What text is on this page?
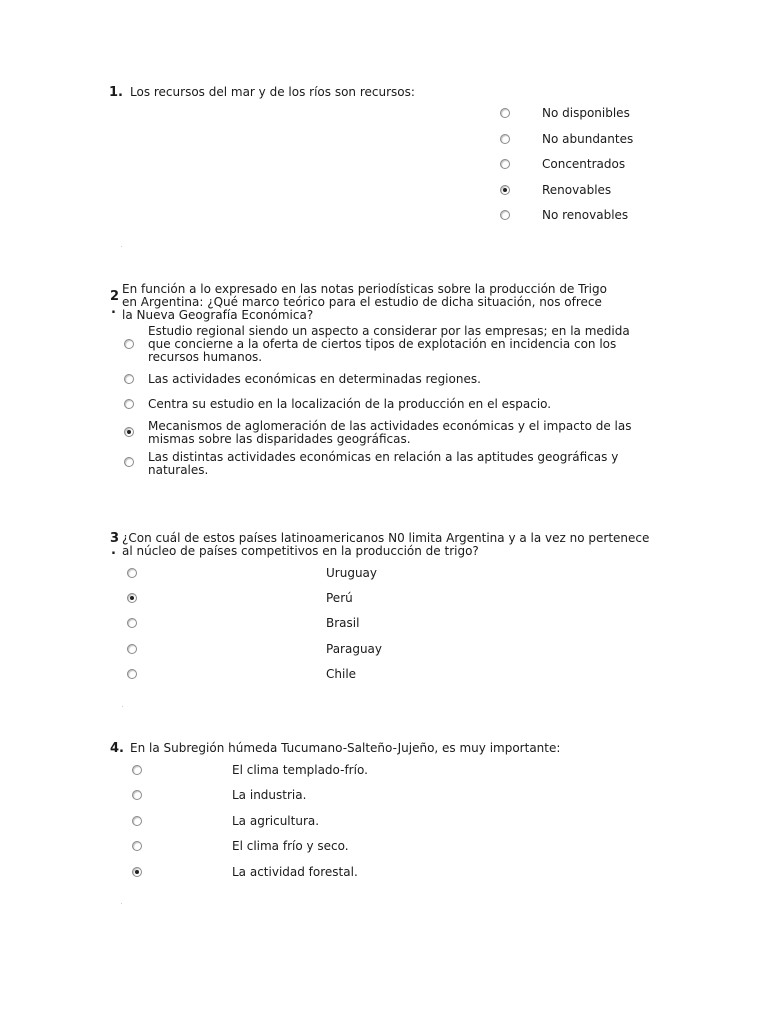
1. Los recursos del mar y de los ríos son recursos:
No disponibles
No abundantes
Concentrados
Renovables
No renovables
2
.
En función a lo expresado en las notas periodísticas sobre la producción de Trigo en Argentina: ¿Qué marco teórico para el estudio de dicha situación, nos ofrece la Nueva Geografía Económica?
Estudio regional siendo un aspecto a considerar por las empresas; en la medida que concierne a la oferta de ciertos tipos de explotación en incidencia con los recursos humanos.
Las actividades económicas en determinadas regiones.
Centra su estudio en la localización de la producción en el espacio.
Mecanismos de aglomeración de las actividades económicas y el impacto de las mismas sobre las disparidades geográficas.
Las distintas actividades económicas en relación a las aptitudes geográficas y naturales.
3
.
¿Con cuál de estos países latinoamericanos N0 limita Argentina y a la vez no pertenece al núcleo de países competitivos en la producción de trigo?
Uruguay
Perú
Brasil
Paraguay
Chile
4. En la Subregión húmeda Tucumano-Salteño-Jujeño, es muy importante:
El clima templado-frío.
La industria.
La agricultura.
El clima frío y seco.
La actividad forestal.
